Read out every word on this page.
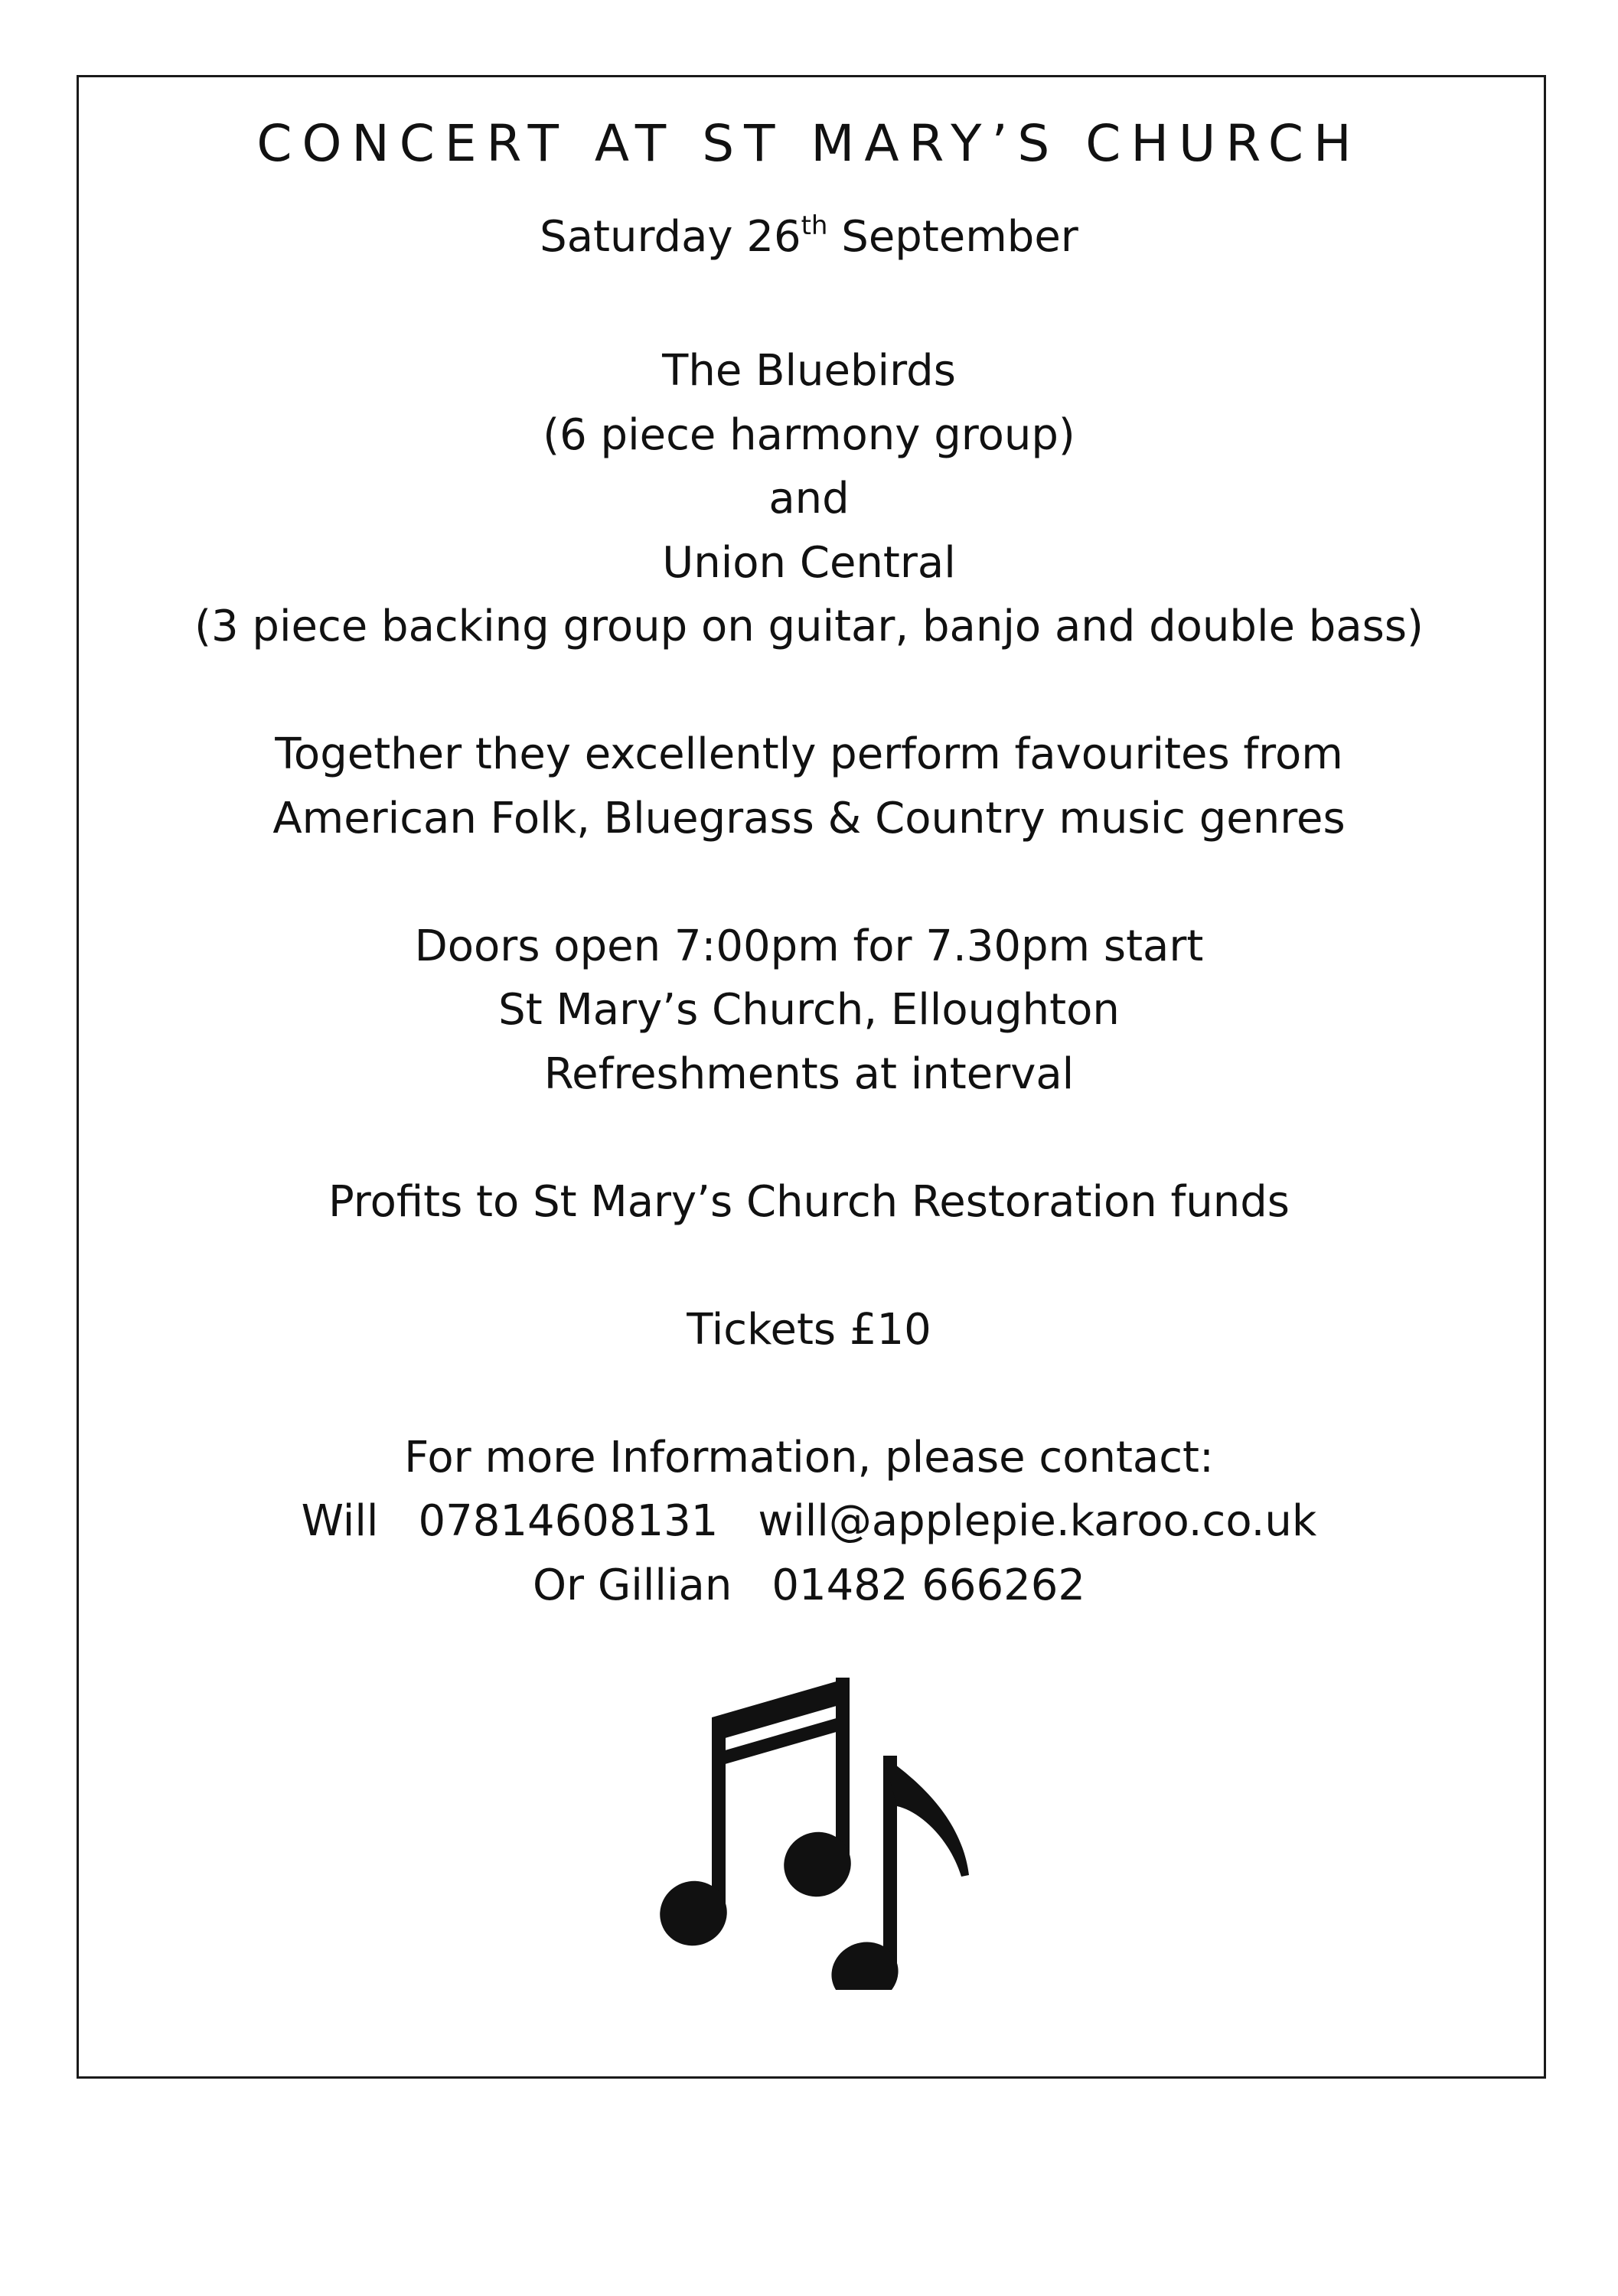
CONCERT AT ST MARY’S CHURCH
Saturday 26th September
The Bluebirds
(6 piece harmony group)
and
Union Central
(3 piece backing group on guitar, banjo and double bass)
Together they excellently perform favourites from
American Folk, Bluegrass & Country music genres
Doors open 7:00pm for 7.30pm start
St Mary’s Church, Elloughton
Refreshments at interval
Profits to St Mary’s Church Restoration funds
Tickets £10
For more Information, please contact:
Will 07814608131 will@applepie.karoo.co.uk
Or Gillian 01482 666262
